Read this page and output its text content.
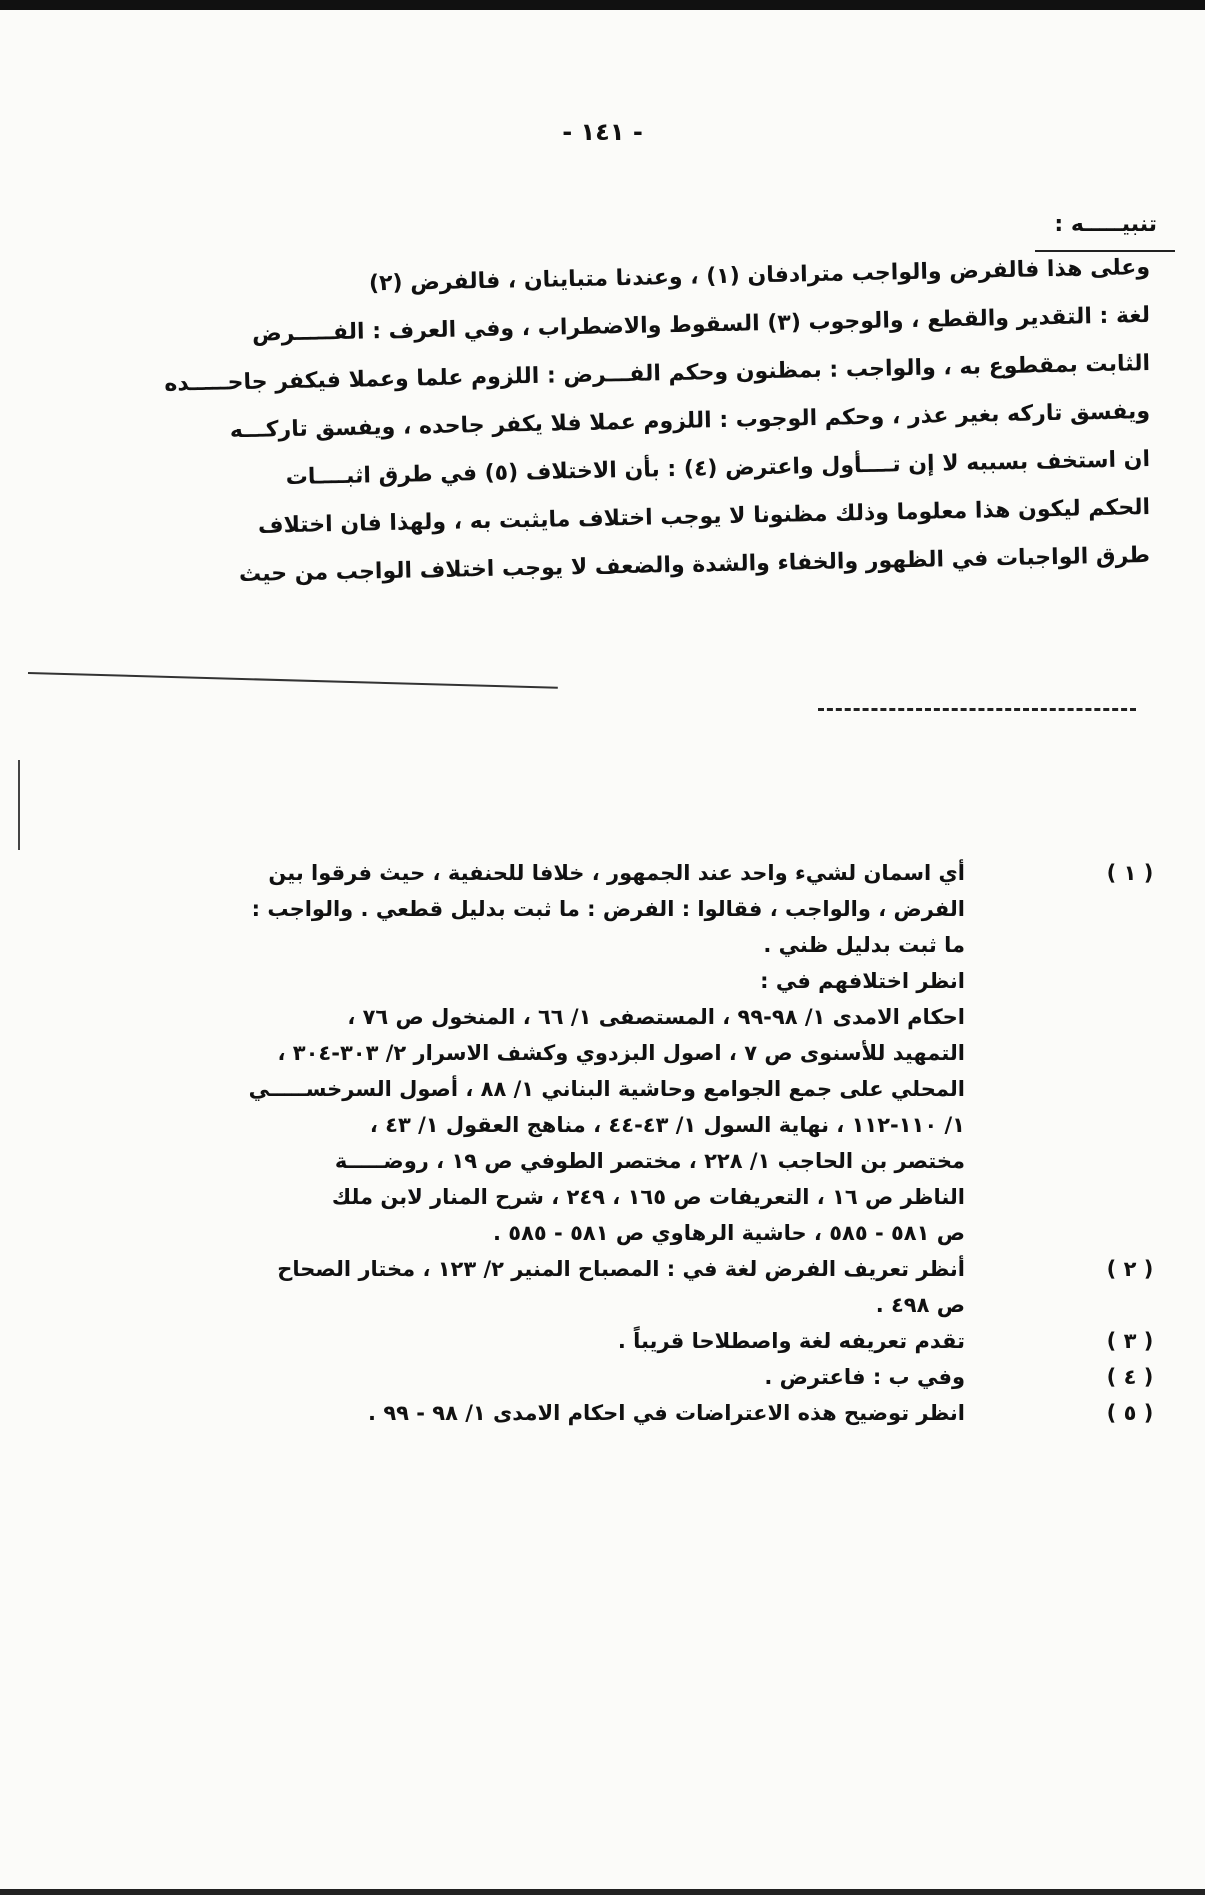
- ١٤١ -
تنبيـــــه :

وعلى هذا فالفرض والواجب مترادفان (١) ، وعندنا متباينان ، فالفرض (٢)

لغة : التقدير والقطع ، والوجوب (٣) السقوط والاضطراب ، وفي العرف : الفـــــرض

الثابت بمقطوع به ، والواجب : بمظنون وحكم الفـــرض : اللزوم علما وعملا فيكفر جاحـــــده

ويفسق تاركه بغير عذر ، وحكم الوجوب : اللزوم عملا فلا يكفر جاحده ، ويفسق تاركـــه

ان استخف بسببه لا إن تــــأول واعترض (٤) : بأن الاختلاف (٥) في طرق اثبــــات

الحكم ليكون هذا معلوما وذلك مظنونا لا يوجب اختلاف مايثبت به ، ولهذا فان اختلاف

طرق الواجبات في الظهور والخفاء والشدة والضعف لا يوجب اختلاف الواجب من حيث

( ١ )

أي اسمان لشيء واحد عند الجمهور ، خلافا للحنفية ، حيث فرقوا بين

الفرض ، والواجب ، فقالوا : الفرض : ما ثبت بدليل قطعي . والواجب :

ما ثبت بدليل ظني .

انظر اختلافهم في :

احكام الامدى ١/ ٩٨-٩٩ ، المستصفى ١/ ٦٦ ، المنخول ص ٧٦ ،

التمهيد للأسنوى ص ٧ ، اصول البزدوي وكشف الاسرار ٢/ ٣٠٣-٣٠٤ ،

المحلي على جمع الجوامع وحاشية البناني ١/ ٨٨ ، أصول السرخســـــي

١/ ١١٠-١١٢ ، نهاية السول ١/ ٤٣-٤٤ ، مناهج العقول ١/ ٤٣ ،

مختصر بن الحاجب ١/ ٢٢٨ ، مختصر الطوفي ص ١٩ ، روضـــــة

الناظر ص ١٦ ، التعريفات ص ١٦٥ ، ٢٤٩ ، شرح المنار لابن ملك

ص ٥٨١ - ٥٨٥ ، حاشية الرهاوي ص ٥٨١ - ٥٨٥ .

( ٢ )

أنظر تعريف الفرض لغة في : المصباح المنير ٢/ ١٢٣ ، مختار الصحاح

ص ٤٩٨ .

( ٣ )

تقدم تعريفه لغة واصطلاحا قريباً .

( ٤ )

وفي ب : فاعترض .

( ٥ )

انظر توضيح هذه الاعتراضات في احكام الامدى ١/ ٩٨ - ٩٩ .
